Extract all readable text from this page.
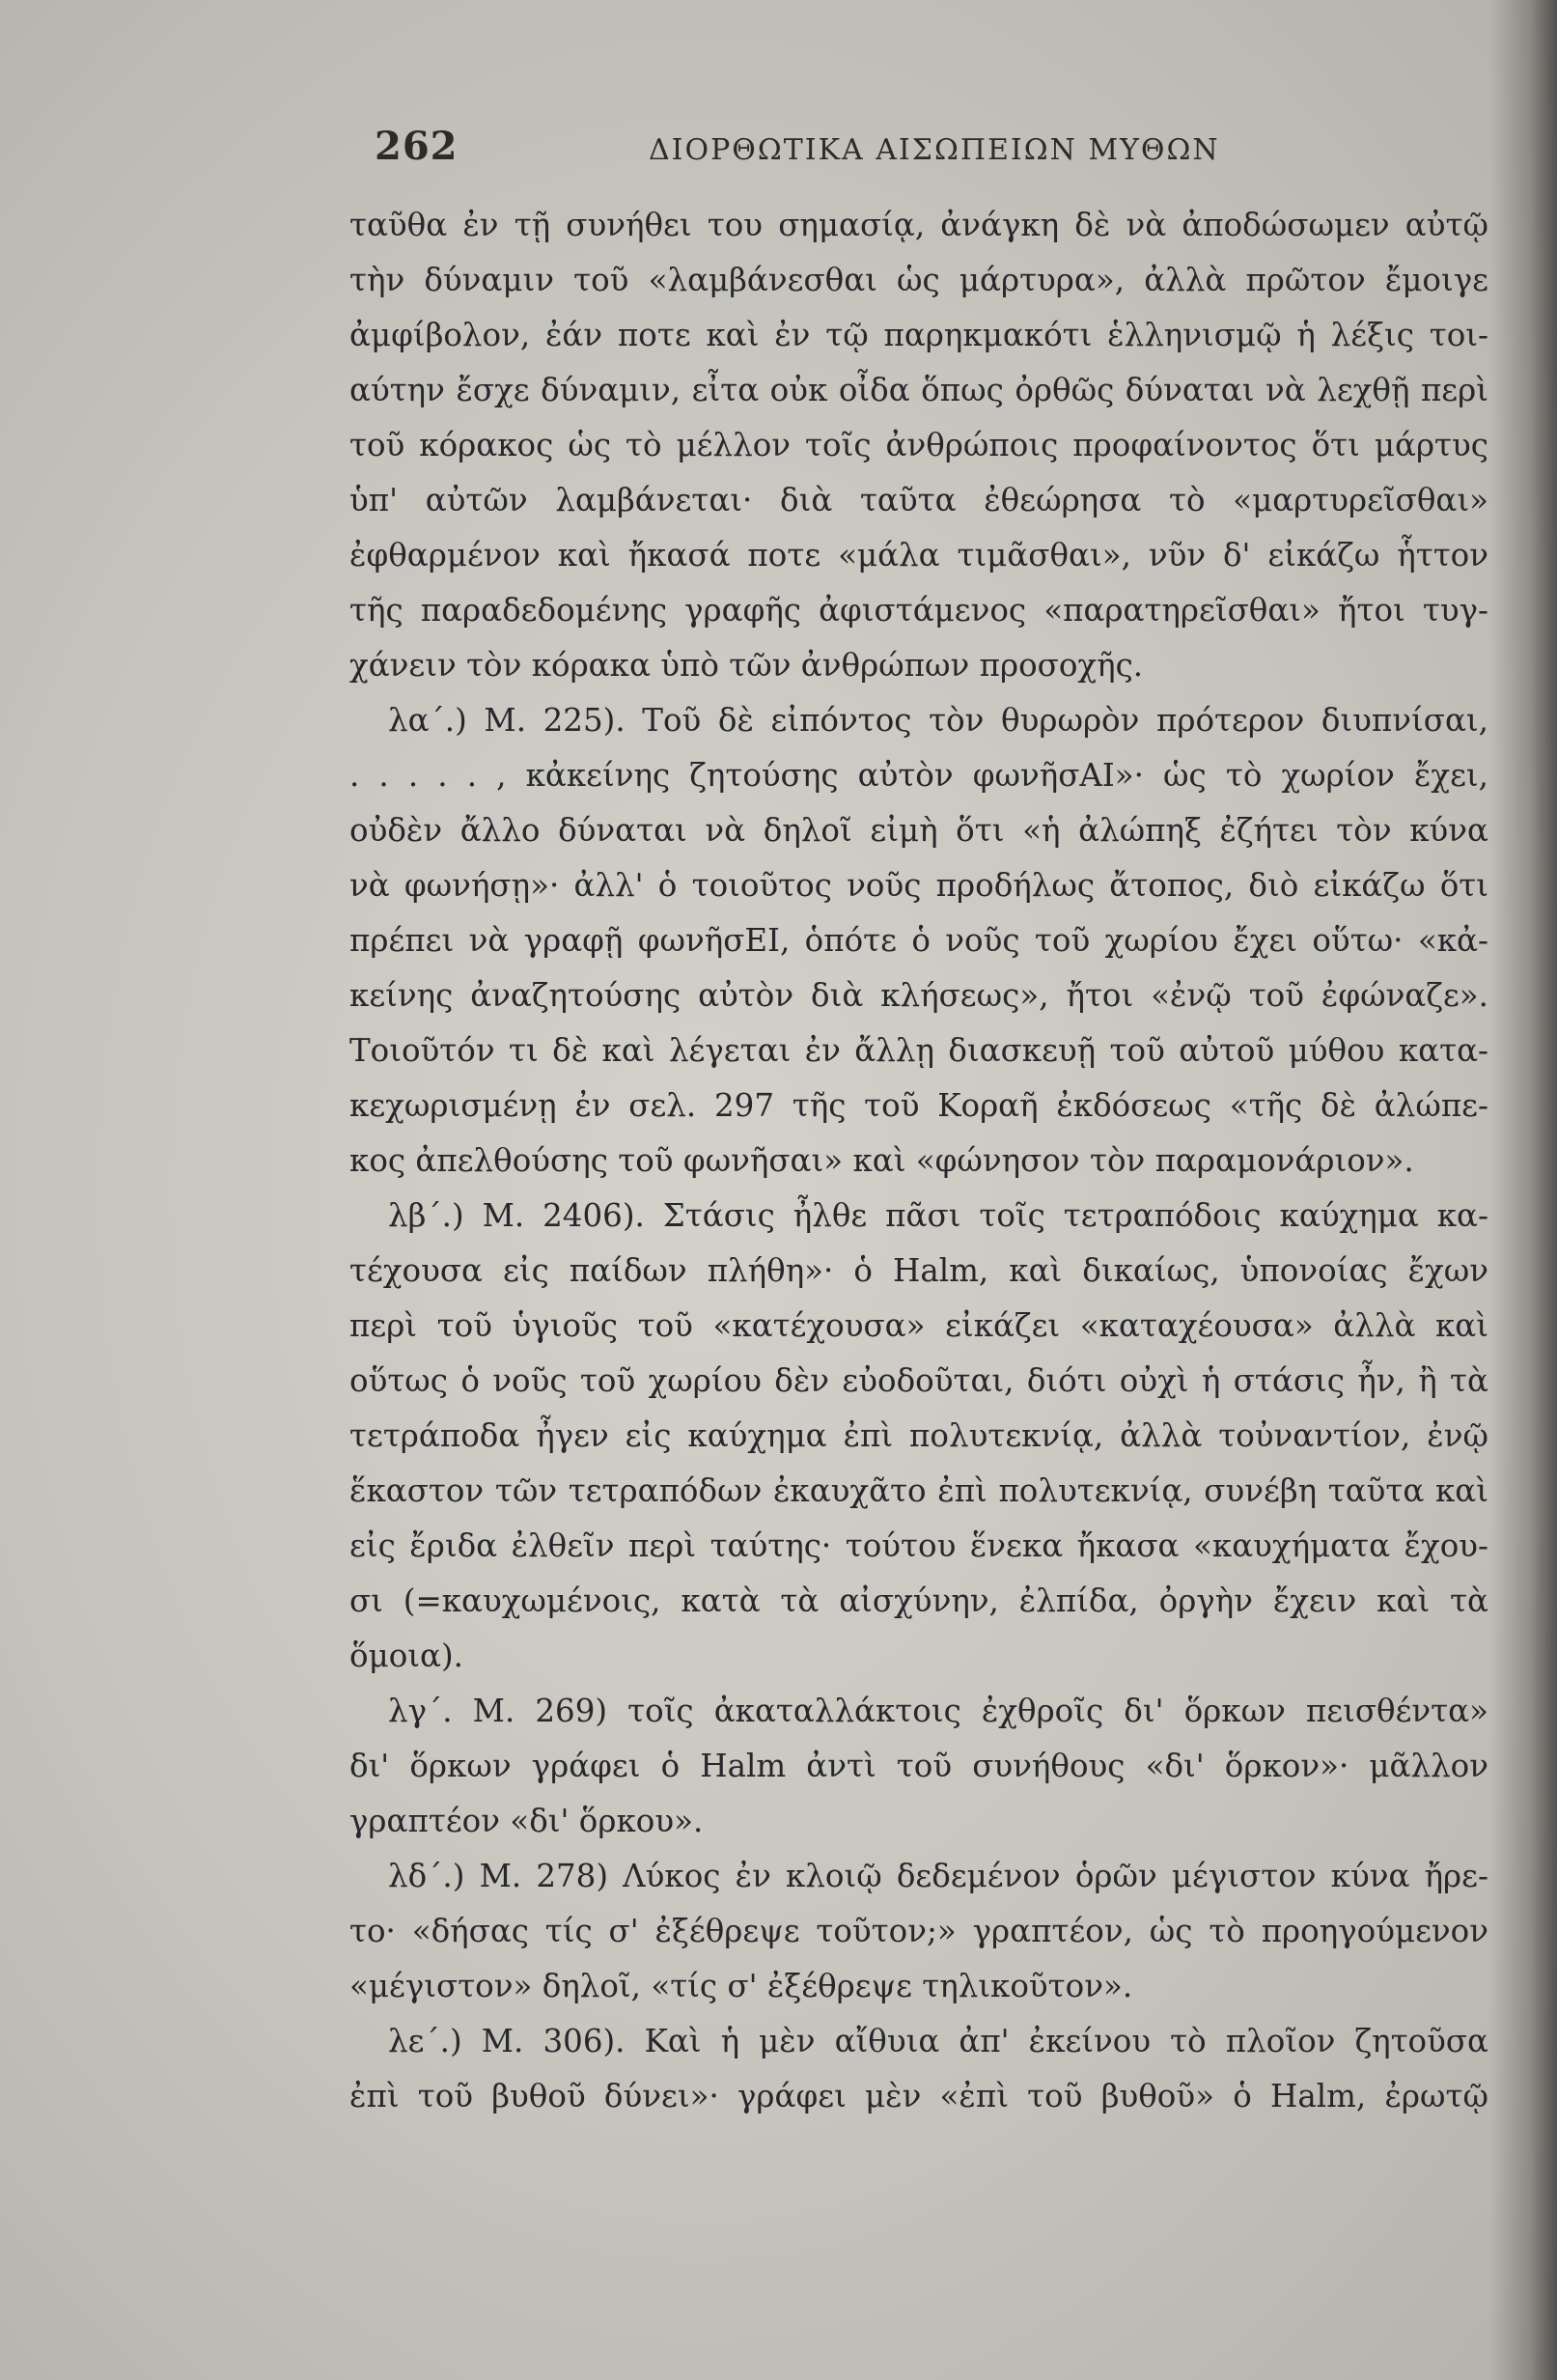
262	ΔΙΟΡΘΩΤΙΚΑ ΑΙΣΩΠΕΙΩΝ ΜΥΘΩΝ
ταῦθα ἐν τῇ συνήθει του σημασίᾳ, ἀνάγκη δὲ νὰ ἀποδώσωμεν αὐτῷ
τὴν δύναμιν τοῦ «λαμβάνεσθαι ὡς μάρτυρα», ἀλλὰ πρῶτον ἔμοιγε
ἀμφίβολον, ἐάν ποτε καὶ ἐν τῷ παρηκμακότι ἑλληνισμῷ ἡ λέξις τοι-
αύτην ἔσχε δύναμιν, εἶτα οὐκ οἶδα ὅπως ὀρθῶς δύναται νὰ λεχθῇ περὶ
τοῦ κόρακος ὡς τὸ μέλλον τοῖς ἀνθρώποις προφαίνοντος ὅτι μάρτυς
ὑπ' αὐτῶν λαμβάνεται· διὰ ταῦτα ἐθεώρησα τὸ «μαρτυρεῖσθαι»
ἐφθαρμένον καὶ ἤκασά ποτε «μάλα τιμᾶσθαι», νῦν δ' εἰκάζω ἧττον
τῆς παραδεδομένης γραφῆς ἀφιστάμενος «παρατηρεῖσθαι» ἤτοι τυγ-
χάνειν τὸν κόρακα ὑπὸ τῶν ἀνθρώπων προσοχῆς.
λα΄.) Μ. 225). Τοῦ δὲ εἰπόντος τὸν θυρωρὸν πρότερον διυπνίσαι,
. . . . . , κἀκείνης ζητούσης αὐτὸν φωνῆσΑΙ»· ὡς τὸ χωρίον ἔχει,
οὐδὲν ἄλλο δύναται νὰ δηλοῖ εἰμὴ ὅτι «ἡ ἀλώπηξ ἐζήτει τὸν κύνα
νὰ φωνήσῃ»· ἀλλ' ὁ τοιοῦτος νοῦς προδήλως ἄτοπος, διὸ εἰκάζω ὅτι
πρέπει νὰ γραφῇ φωνῆσΕΙ, ὁπότε ὁ νοῦς τοῦ χωρίου ἔχει οὕτω· «κἀ-
κείνης ἀναζητούσης αὐτὸν διὰ κλήσεως», ἤτοι «ἐνῷ τοῦ ἐφώναζε».
Τοιοῦτόν τι δὲ καὶ λέγεται ἐν ἄλλῃ διασκευῇ τοῦ αὐτοῦ μύθου κατα-
κεχωρισμένῃ ἐν σελ. 297 τῆς τοῦ Κοραῆ ἐκδόσεως «τῆς δὲ ἀλώπε-
κος ἀπελθούσης τοῦ φωνῆσαι» καὶ «φώνησον τὸν παραμονάριον».
λβ΄.) Μ. 2406). Στάσις ἦλθε πᾶσι τοῖς τετραπόδοις καύχημα κα-
τέχουσα εἰς παίδων πλήθη»· ὁ Halm, καὶ δικαίως, ὑπονοίας ἔχων
περὶ τοῦ ὑγιοῦς τοῦ «κατέχουσα» εἰκάζει «καταχέουσα» ἀλλὰ καὶ
οὕτως ὁ νοῦς τοῦ χωρίου δὲν εὐοδοῦται, διότι οὐχὶ ἡ στάσις ἦν, ἢ τὰ
τετράποδα ἦγεν εἰς καύχημα ἐπὶ πολυτεκνίᾳ, ἀλλὰ τοὐναντίον, ἐνῷ
ἕκαστον τῶν τετραπόδων ἐκαυχᾶτο ἐπὶ πολυτεκνίᾳ, συνέβη ταῦτα καὶ
εἰς ἔριδα ἐλθεῖν περὶ ταύτης· τούτου ἕνεκα ἤκασα «καυχήματα ἔχου-
σι (=καυχωμένοις, κατὰ τὰ αἰσχύνην, ἐλπίδα, ὀργὴν ἔχειν καὶ τὰ
ὅμοια).
λγ΄. Μ. 269) τοῖς ἀκαταλλάκτοις ἐχθροῖς δι' ὅρκων πεισθέντα»
δι' ὅρκων γράφει ὁ Halm ἀντὶ τοῦ συνήθους «δι' ὅρκον»· μᾶλλον
γραπτέον «δι' ὅρκου».
λδ΄.) Μ. 278) Λύκος ἐν κλοιῷ δεδεμένον ὁρῶν μέγιστον κύνα ἤρε-
το· «δήσας τίς σ' ἐξέθρεψε τοῦτον;» γραπτέον, ὡς τὸ προηγούμενον
«μέγιστον» δηλοῖ, «τίς σ' ἐξέθρεψε τηλικοῦτον».
λε΄.) Μ. 306). Καὶ ἡ μὲν αἴθυια ἀπ' ἐκείνου τὸ πλοῖον ζητοῦσα
ἐπὶ τοῦ βυθοῦ δύνει»· γράφει μὲν «ἐπὶ τοῦ βυθοῦ» ὁ Halm, ἐρωτῷ
